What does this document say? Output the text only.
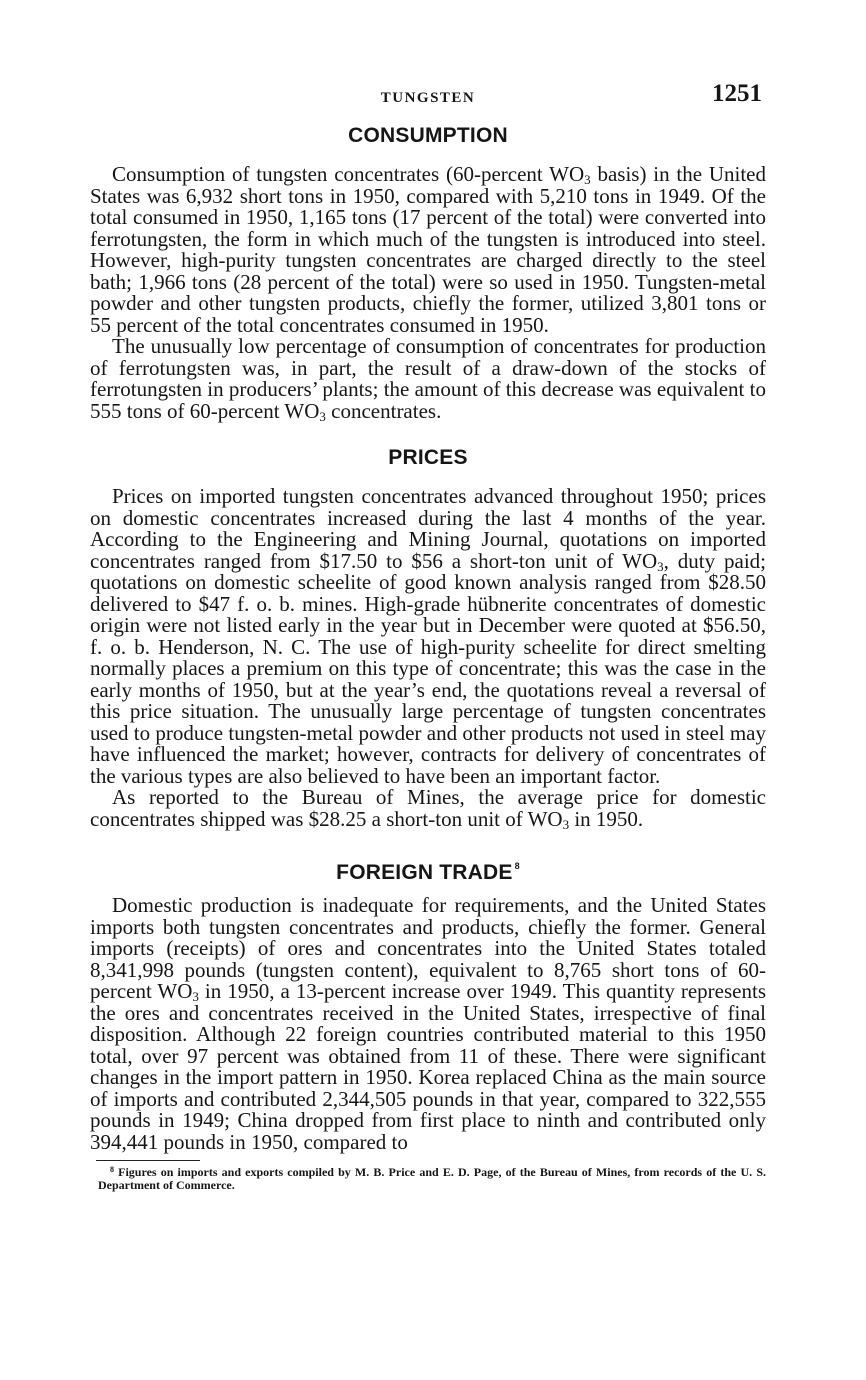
TUNGSTEN	1251
CONSUMPTION

Consumption of tungsten concentrates (60-percent $WO_3$ basis) in the United States was 6,932 short tons in 1950, compared with 5,210 tons in 1949. Of the total consumed in 1950, 1,165 tons (17 percent of the total) were converted into ferrotungsten, the form in which much of the tungsten is introduced into steel. However, high-purity tungsten concentrates are charged directly to the steel bath; 1,966 tons (28 percent of the total) were so used in 1950. Tungsten-metal powder and other tungsten products, chiefly the former, utilized 3,801 tons or 55 percent of the total concentrates consumed in 1950.

The unusually low percentage of consumption of concentrates for production of ferrotungsten was, in part, the result of a draw-down of the stocks of ferrotungsten in producers’ plants; the amount of this decrease was equivalent to 555 tons of 60-percent $WO_3$ concentrates.

PRICES

Prices on imported tungsten concentrates advanced throughout 1950; prices on domestic concentrates increased during the last 4 months of the year. According to the Engineering and Mining Journal, quotations on imported concentrates ranged from $17.50 to $56 a short-ton unit of $WO_3$, duty paid; quotations on domestic scheelite of good known analysis ranged from $28.50 delivered to $47 f. o. b. mines. High-grade hübnerite concentrates of domestic origin were not listed early in the year but in December were quoted at $56.50, f. o. b. Henderson, N. C. The use of high-purity scheelite for direct smelting normally places a premium on this type of concentrate; this was the case in the early months of 1950, but at the year’s end, the quotations reveal a reversal of this price situation. The unusually large percentage of tungsten concentrates used to produce tungsten-metal powder and other products not used in steel may have influenced the market; however, contracts for delivery of concentrates of the various types are also believed to have been an important factor.

As reported to the Bureau of Mines, the average price for domestic concentrates shipped was $28.25 a short-ton unit of $WO_3$ in 1950.

FOREIGN TRADE $^8$

Domestic production is inadequate for requirements, and the United States imports both tungsten concentrates and products, chiefly the former. General imports (receipts) of ores and concentrates into the United States totaled 8,341,998 pounds (tungsten content), equivalent to 8,765 short tons of 60-percent $WO_3$ in 1950, a 13-percent increase over 1949. This quantity represents the ores and concentrates received in the United States, irrespective of final disposition. Although 22 foreign countries contributed material to this 1950 total, over 97 percent was obtained from 11 of these. There were significant changes in the import pattern in 1950. Korea replaced China as the main source of imports and contributed 2,344,505 pounds in that year, compared to 322,555 pounds in 1949; China dropped from first place to ninth and contributed only 394,441 pounds in 1950, compared to

$^8$ Figures on imports and exports compiled by M. B. Price and E. D. Page, of the Bureau of Mines, from records of the U. S. Department of Commerce.
